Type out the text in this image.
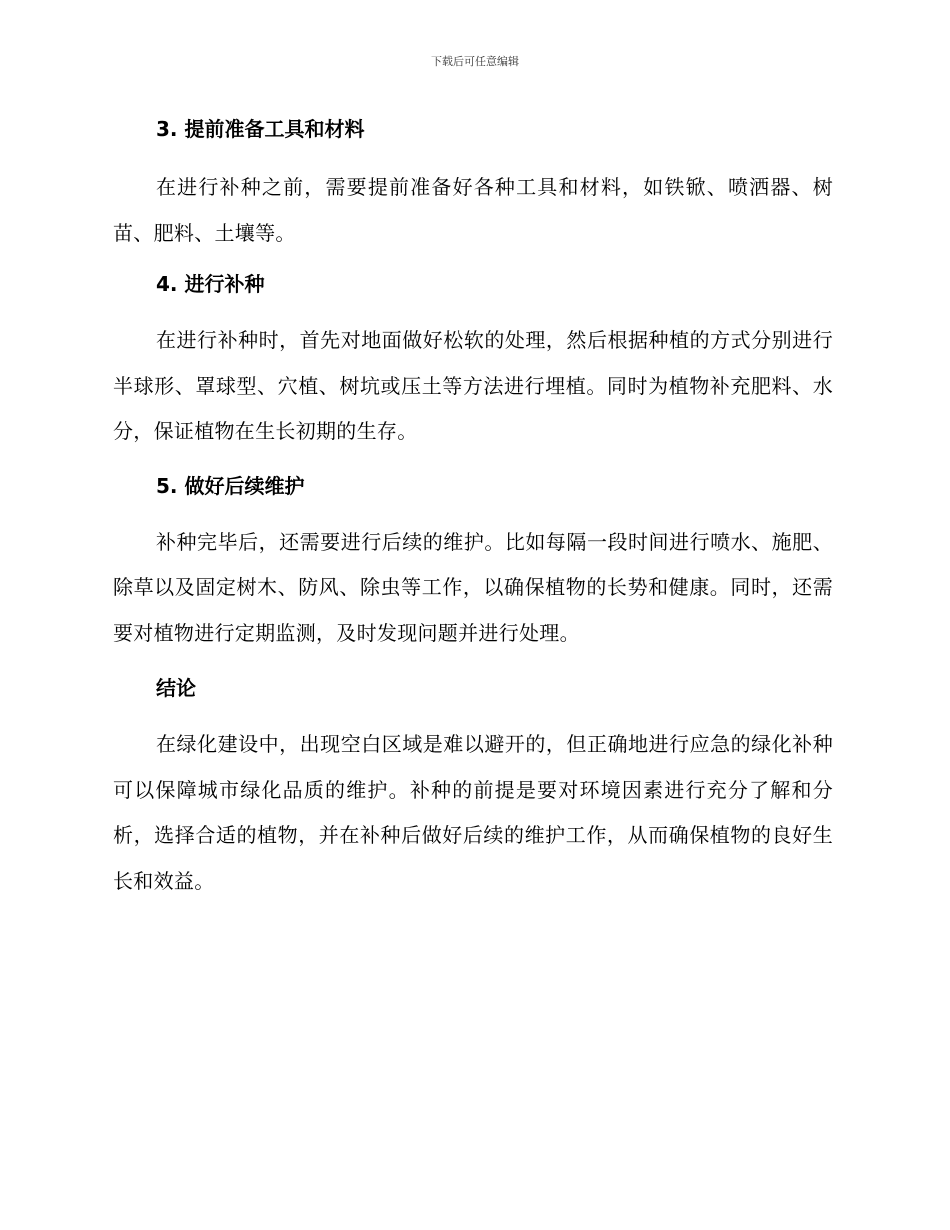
下载后可任意编辑
3. 提前准备工具和材料

在进行补种之前，需要提前准备好各种工具和材料，如铁锨、喷洒器、树苗、肥料、土壤等。

4. 进行补种

在进行补种时，首先对地面做好松软的处理，然后根据种植的方式分别进行半球形、罩球型、穴植、树坑或压土等方法进行埋植。同时为植物补充肥料、水分，保证植物在生长初期的生存。

5. 做好后续维护

补种完毕后，还需要进行后续的维护。比如每隔一段时间进行喷水、施肥、除草以及固定树木、防风、除虫等工作，以确保植物的长势和健康。同时，还需要对植物进行定期监测，及时发现问题并进行处理。

结论

在绿化建设中，出现空白区域是难以避开的，但正确地进行应急的绿化补种可以保障城市绿化品质的维护。补种的前提是要对环境因素进行充分了解和分析，选择合适的植物，并在补种后做好后续的维护工作，从而确保植物的良好生长和效益。
